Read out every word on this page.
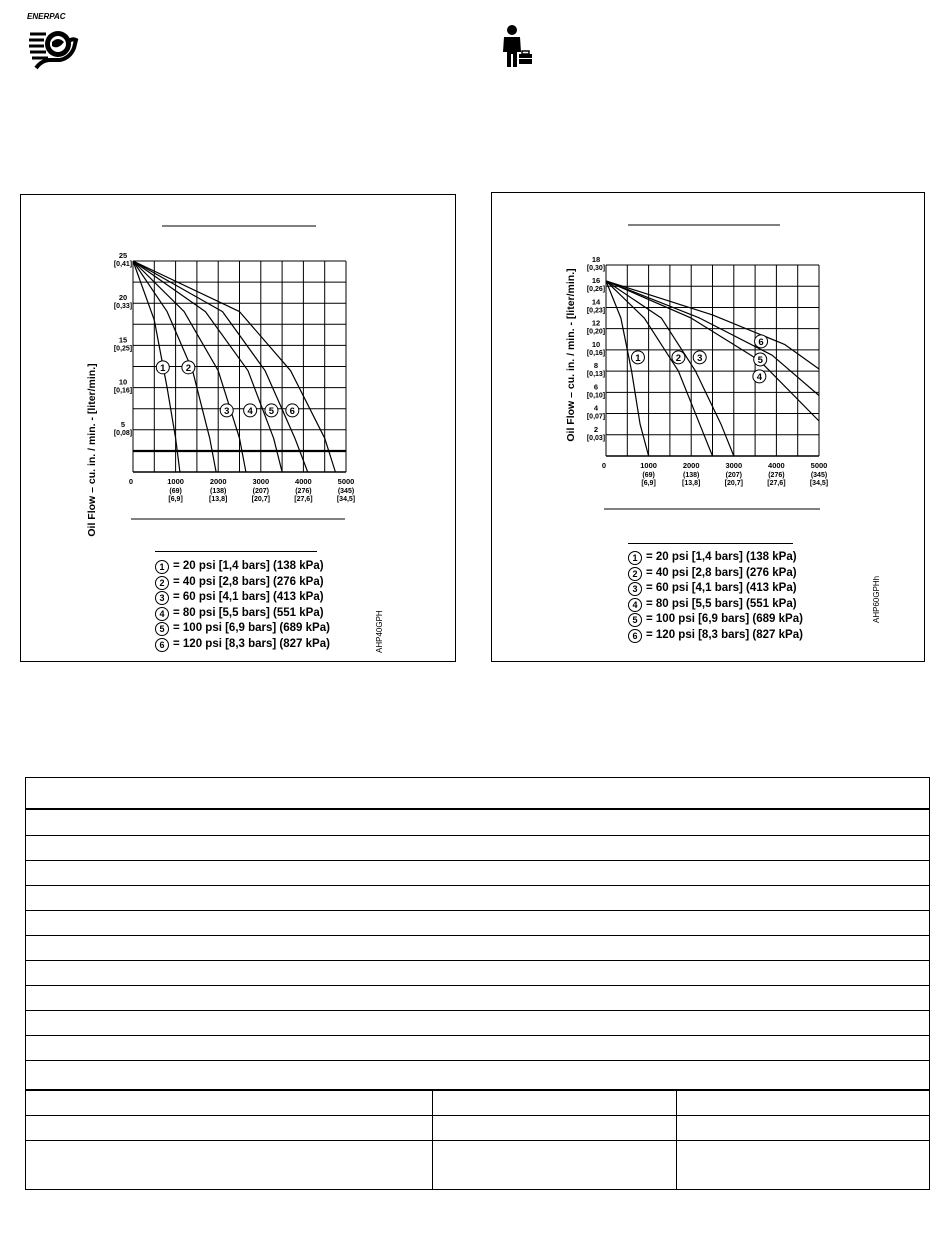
ENERPAC
5
[0,08]
10
[0,16]
15
[0,25]
20
[0,33]
25
[0,41]
0	1000
(69)
[6,9]
2000
(138)
[13,8]
3000
(207)
[20,7]
4000
(276)
[27,6]
5000
(345)
[34,5]
1 2
3 4 5 6
Oil Flow – cu. in. / min. - [liter/min.]
1 = 20 psi [1,4 bars] (138 kPa)
2 = 40 psi [2,8 bars] (276 kPa)
3 = 60 psi [4,1 bars] (413 kPa)
4 = 80 psi [5,5 bars] (551 kPa)
5 = 100 psi [6,9 bars] (689 kPa)
6 = 120 psi [8,3 bars] (827 kPa)	AHP40GPH
2
[0,03]
4
[0,07]
6
[0,10]
8
[0,13]
10
[0,16]
12
[0,20]
14
[0,23]
16
[0,26]
18
[0,30]
0	1000
(69)
[6,9]
2000
(138)
[13,8]
3000
(207)
[20,7]
4000
(276)
[27,6]
5000
(345)
[34,5]
1	2 3
4
5
6
Oil Flow – cu. in. / min. - [liter/min.]
1 = 20 psi [1,4 bars] (138 kPa)
2 = 40 psi [2,8 bars] (276 kPa)
3 = 60 psi [4,1 bars] (413 kPa)
4 = 80 psi [5,5 bars] (551 kPa)
5 = 100 psi [6,9 bars] (689 kPa)
6 = 120 psi [8,3 bars] (827 kPa)
AHP60GPHh
